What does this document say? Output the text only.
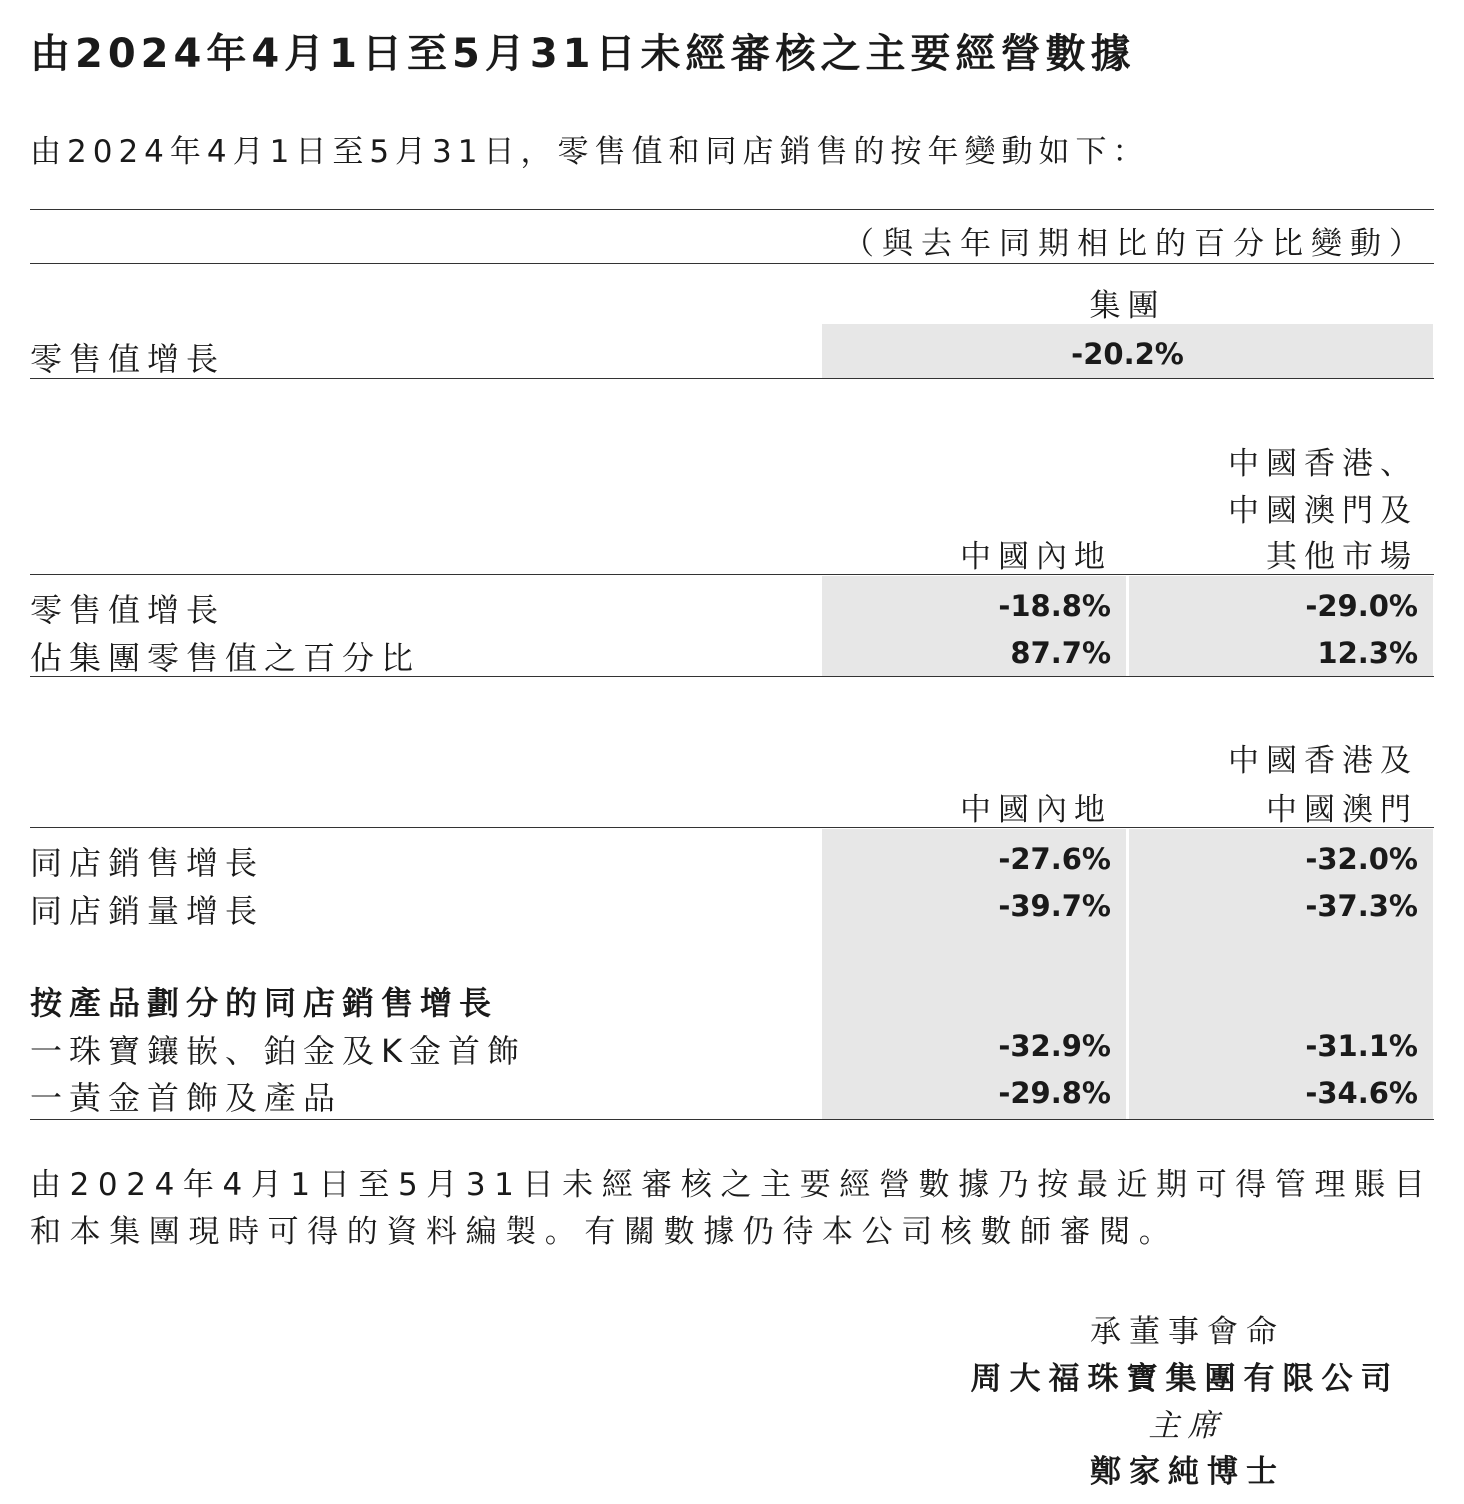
由2024年4月1日至5月31日未經審核之主要經營數據
由2024年4月1日至5月31日，零售值和同店銷售的按年變動如下：
（與去年同期相比的百分比變動）
集團
零售值增長	-20.2%
中國香港、
中國澳門及
其他市場
中國內地
零售值增長	-18.8%	-29.0%
佔集團零售值之百分比	87.7%	12.3%
中國香港及
中國澳門
中國內地
同店銷售增長	-27.6%	-32.0%
同店銷量增長	-39.7%	-37.3%
按產品劃分的同店銷售增長
一珠寶鑲嵌、鉑金及K金首飾	-32.9%	-31.1%
一黃金首飾及產品	-29.8%	-34.6%
由2024年4月1日至5月31日未經審核之主要經營數據乃按最近期可得管理賬目和本集團現時可得的資料編製。有關數據仍待本公司核數師審閱。
承董事會命
周大福珠寶集團有限公司
主席
鄭家純博士
